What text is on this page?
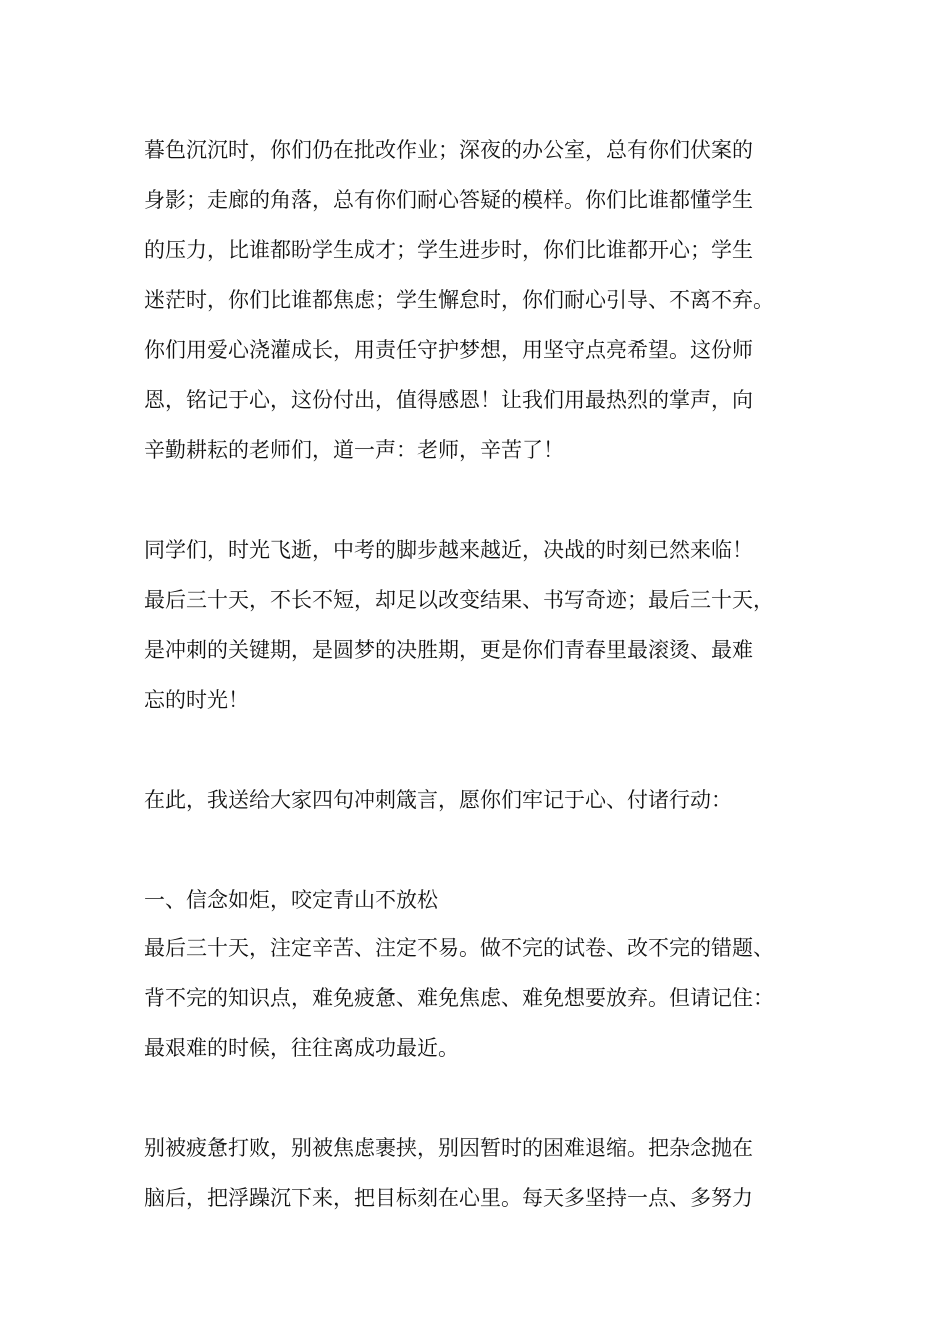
暮色沉沉时，你们仍在批改作业；深夜的办公室，总有你们伏案的
身影；走廊的角落，总有你们耐心答疑的模样。你们比谁都懂学生
的压力，比谁都盼学生成才；学生进步时，你们比谁都开心；学生
迷茫时，你们比谁都焦虑；学生懈怠时，你们耐心引导、不离不弃。
你们用爱心浇灌成长，用责任守护梦想，用坚守点亮希望。这份师
恩，铭记于心，这份付出，值得感恩！让我们用最热烈的掌声，向
辛勤耕耘的老师们，道一声：老师，辛苦了！
同学们，时光飞逝，中考的脚步越来越近，决战的时刻已然来临！
最后三十天，不长不短，却足以改变结果、书写奇迹；最后三十天，
是冲刺的关键期，是圆梦的决胜期，更是你们青春里最滚烫、最难
忘的时光！
在此，我送给大家四句冲刺箴言，愿你们牢记于心、付诸行动：
一、信念如炬，咬定青山不放松
最后三十天，注定辛苦、注定不易。做不完的试卷、改不完的错题、
背不完的知识点，难免疲惫、难免焦虑、难免想要放弃。但请记住：
最艰难的时候，往往离成功最近。
别被疲惫打败，别被焦虑裹挟，别因暂时的困难退缩。把杂念抛在
脑后，把浮躁沉下来，把目标刻在心里。每天多坚持一点、多努力
